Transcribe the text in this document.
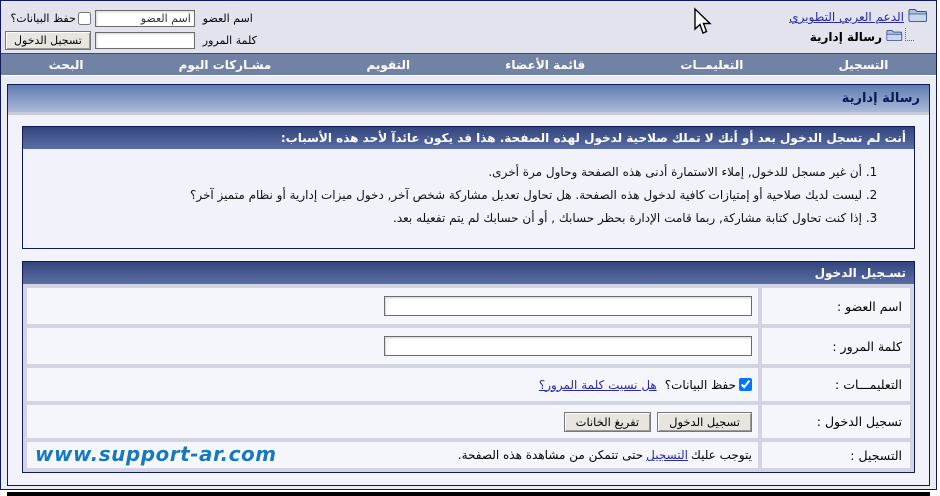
الدعم العربي التطويري
رسالة إدارية
اسم العضو
اسم العضو
حفظ البيانات؟
كلمة المرور
تسجيل الدخول
التسجيل
التعليمــات
قائمة الأعضاء
التقويم
مشـاركات اليوم
البحث
رسالة إدارية
أنت لم تسجل الدخول بعد أو أنك لا تملك صلاحية لدخول لهذه الصفحة. هذا قد يكون عائدآ لأحد هذه الأسباب:
1. أن غير مسجل للدخول, إملاء الاستمارة أدنى هذه الصفحة وحاول مرة أخرى.
2. ليست لديك صلاحية أو إمتيازات كافية لدخول هذه الصفحة. هل تحاول تعديل مشاركة شخص آخر, دخول ميزات إدارية أو نظام متميز آخر؟
3. إذا كنت تحاول كتابة مشاركة, ربما قامت الإدارة بحظر حسابك , أو أن حسابك لم يتم تفعيله بعد.
تسـجيل الدخول
اسم العضو :
كلمة المرور :
التعليمـــات :
حفظ البيانات؟
هل نسيت كلمة المرور؟
تسجيل الدخول :
تسجيل الدخول
تفريغ الخانات
التسجيل :
يتوجب عليك
التسجيل
حتى تتمكن من مشاهدة هذه الصفحة.
www.support-ar.com
